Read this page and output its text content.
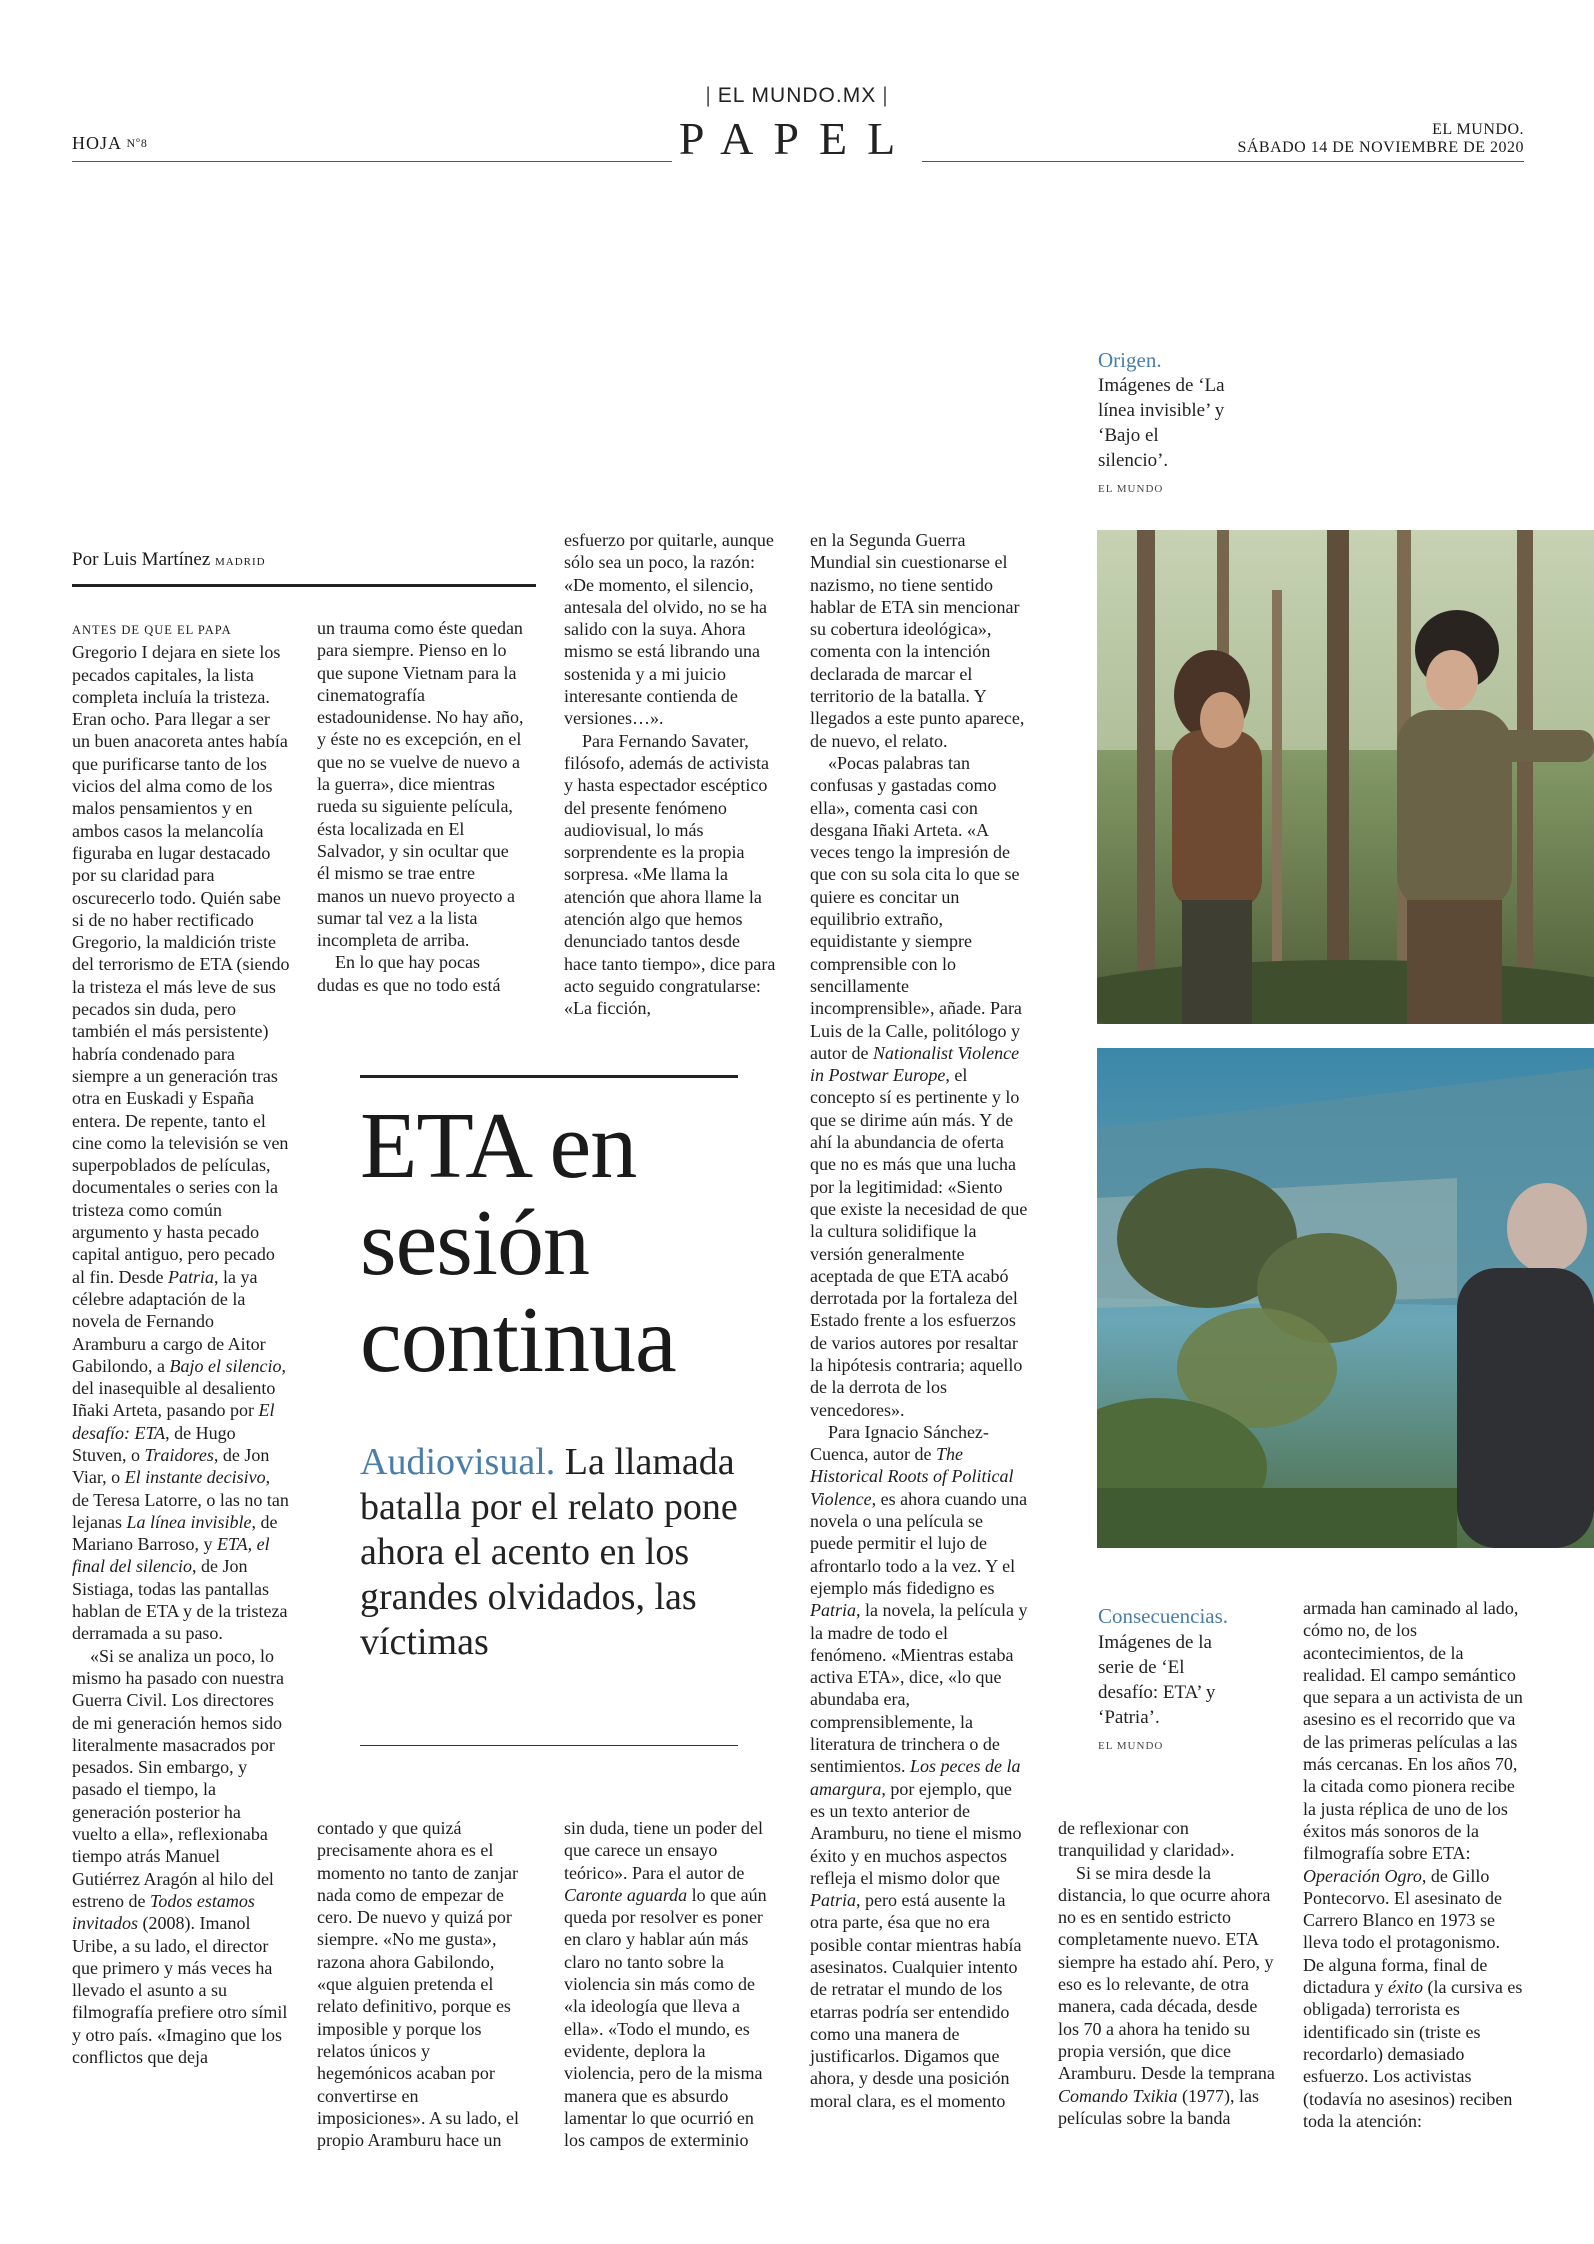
| EL MUNDO.MX |
PAPEL
HOJA Nº8
EL MUNDO.
SÁBADO 14 DE NOVIEMBRE DE 2020
Origen.
Imágenes de ‘La línea invisible’ y ‘Bajo el silencio’.
EL MUNDO
Consecuencias. Imágenes de la serie de ‘El desafío: ETA’ y ‘Patria’.
EL MUNDO
Por Luis Martínez MADRID

ANTES DE QUE EL PAPA
Gregorio I dejara en siete los pecados capitales, la lista completa incluía la tristeza. Eran ocho. Para llegar a ser un buen anacoreta antes había que purificarse tanto de los vicios del alma como de los malos pensamientos y en ambos casos la melancolía figuraba en lugar destacado por su claridad para oscurecerlo todo. Quién sabe si de no haber rectificado Gregorio, la maldición triste del terrorismo de ETA (siendo la tristeza el más leve de sus pecados sin duda, pero también el más persistente) habría condenado para siempre a un generación tras otra en Euskadi y España entera. De repente, tanto el cine como la televisión se ven superpoblados de películas, documentales o series con la tristeza como común argumento y hasta pecado capital antiguo, pero pecado al fin. Desde Patria, la ya célebre adaptación de la novela de Fernando Aramburu a cargo de Aitor Gabilondo, a Bajo el silencio, del inasequible al desaliento Iñaki Arteta, pasando por El desafío: ETA, de Hugo Stuven, o Traidores, de Jon Viar, o El instante decisivo, de Teresa Latorre, o las no tan lejanas La línea invisible, de Mariano Barroso, y ETA, el final del silencio, de Jon Sistiaga, todas las pantallas hablan de ETA y de la tristeza derramada a su paso.

«Si se analiza un poco, lo mismo ha pasado con nuestra Guerra Civil. Los directores de mi generación hemos sido literalmente masacrados por pesados. Sin embargo, y pasado el tiempo, la generación posterior ha vuelto a ella», reflexionaba tiempo atrás Manuel Gutiérrez Aragón al hilo del estreno de Todos estamos invitados (2008). Imanol Uribe, a su lado, el director que primero y más veces ha llevado el asunto a su filmografía prefiere otro símil y otro país. «Imagino que los conflictos que deja

un trauma como éste quedan para siempre. Pienso en lo que supone Vietnam para la cinematografía estadounidense. No hay año, y éste no es excepción, en el que no se vuelve de nuevo a la guerra», dice mientras rueda su siguiente película, ésta localizada en El Salvador, y sin ocultar que él mismo se trae entre manos un nuevo proyecto a sumar tal vez a la lista incompleta de arriba.

En lo que hay pocas dudas es que no todo está

esfuerzo por quitarle, aunque sólo sea un poco, la razón: «De momento, el silencio, antesala del olvido, no se ha salido con la suya. Ahora mismo se está librando una sostenida y a mi juicio interesante contienda de versiones…».

Para Fernando Savater, filósofo, además de activista y hasta espectador escéptico del presente fenómeno audiovisual, lo más sorprendente es la propia sorpresa. «Me llama la atención que ahora llame la atención algo que hemos denunciado tantos desde hace tanto tiempo», dice para acto seguido congratularse: «La ficción,

ETA en
sesión
continua
Audiovisual. La llamada batalla por el relato pone ahora el acento en los grandes olvidados, las víctimas

contado y que quizá precisamente ahora es el momento no tanto de zanjar nada como de empezar de cero. De nuevo y quizá por siempre. «No me gusta», razona ahora Gabilondo, «que alguien pretenda el relato definitivo, porque es imposible y porque los relatos únicos y hegemónicos acaban por convertirse en imposiciones». A su lado, el propio Aramburu hace un

sin duda, tiene un poder del que carece un ensayo teórico». Para el autor de Caronte aguarda lo que aún queda por resolver es poner en claro y hablar aún más claro no tanto sobre la violencia sin más como de «la ideología que lleva a ella». «Todo el mundo, es evidente, deplora la violencia, pero de la misma manera que es absurdo lamentar lo que ocurrió en los campos de exterminio

en la Segunda Guerra Mundial sin cuestionarse el nazismo, no tiene sentido hablar de ETA sin mencionar su cobertura ideológica», comenta con la intención declarada de marcar el territorio de la batalla. Y llegados a este punto aparece, de nuevo, el relato.

«Pocas palabras tan confusas y gastadas como ella», comenta casi con desgana Iñaki Arteta. «A veces tengo la impresión de que con su sola cita lo que se quiere es concitar un equilibrio extraño, equidistante y siempre comprensible con lo sencillamente incomprensible», añade. Para Luis de la Calle, politólogo y autor de Nationalist Violence in Postwar Europe, el concepto sí es pertinente y lo que se dirime aún más. Y de ahí la abundancia de oferta que no es más que una lucha por la legitimidad: «Siento que existe la necesidad de que la cultura solidifique la versión generalmente aceptada de que ETA acabó derrotada por la fortaleza del Estado frente a los esfuerzos de varios autores por resaltar la hipótesis contraria; aquello de la derrota de los vencedores».

Para Ignacio Sánchez-Cuenca, autor de The Historical Roots of Political Violence, es ahora cuando una novela o una película se puede permitir el lujo de afrontarlo todo a la vez. Y el ejemplo más fidedigno es Patria, la novela, la película y la madre de todo el fenómeno. «Mientras estaba activa ETA», dice, «lo que abundaba era, comprensiblemente, la literatura de trinchera o de sentimientos. Los peces de la amargura, por ejemplo, que es un texto anterior de Aramburu, no tiene el mismo éxito y en muchos aspectos refleja el mismo dolor que Patria, pero está ausente la otra parte, ésa que no era posible contar mientras había asesinatos. Cualquier intento de retratar el mundo de los etarras podría ser entendido como una manera de justificarlos. Digamos que ahora, y desde una posición moral clara, es el momento

de reflexionar con tranquilidad y claridad».

Si se mira desde la distancia, lo que ocurre ahora no es en sentido estricto completamente nuevo. ETA siempre ha estado ahí. Pero, y eso es lo relevante, de otra manera, cada década, desde los 70 a ahora ha tenido su propia versión, que dice Aramburu. Desde la temprana Comando Txikia (1977), las películas sobre la banda

armada han caminado al lado, cómo no, de los acontecimientos, de la realidad. El campo semántico que separa a un activista de un asesino es el recorrido que va de las primeras películas a las más cercanas. En los años 70, la citada como pionera recibe la justa réplica de uno de los éxitos más sonoros de la filmografía sobre ETA: Operación Ogro, de Gillo Pontecorvo. El asesinato de Carrero Blanco en 1973 se lleva todo el protagonismo. De alguna forma, final de dictadura y éxito (la cursiva es obligada) terrorista es identificado sin (triste es recordarlo) demasiado esfuerzo. Los activistas (todavía no asesinos) reciben toda la atención:
